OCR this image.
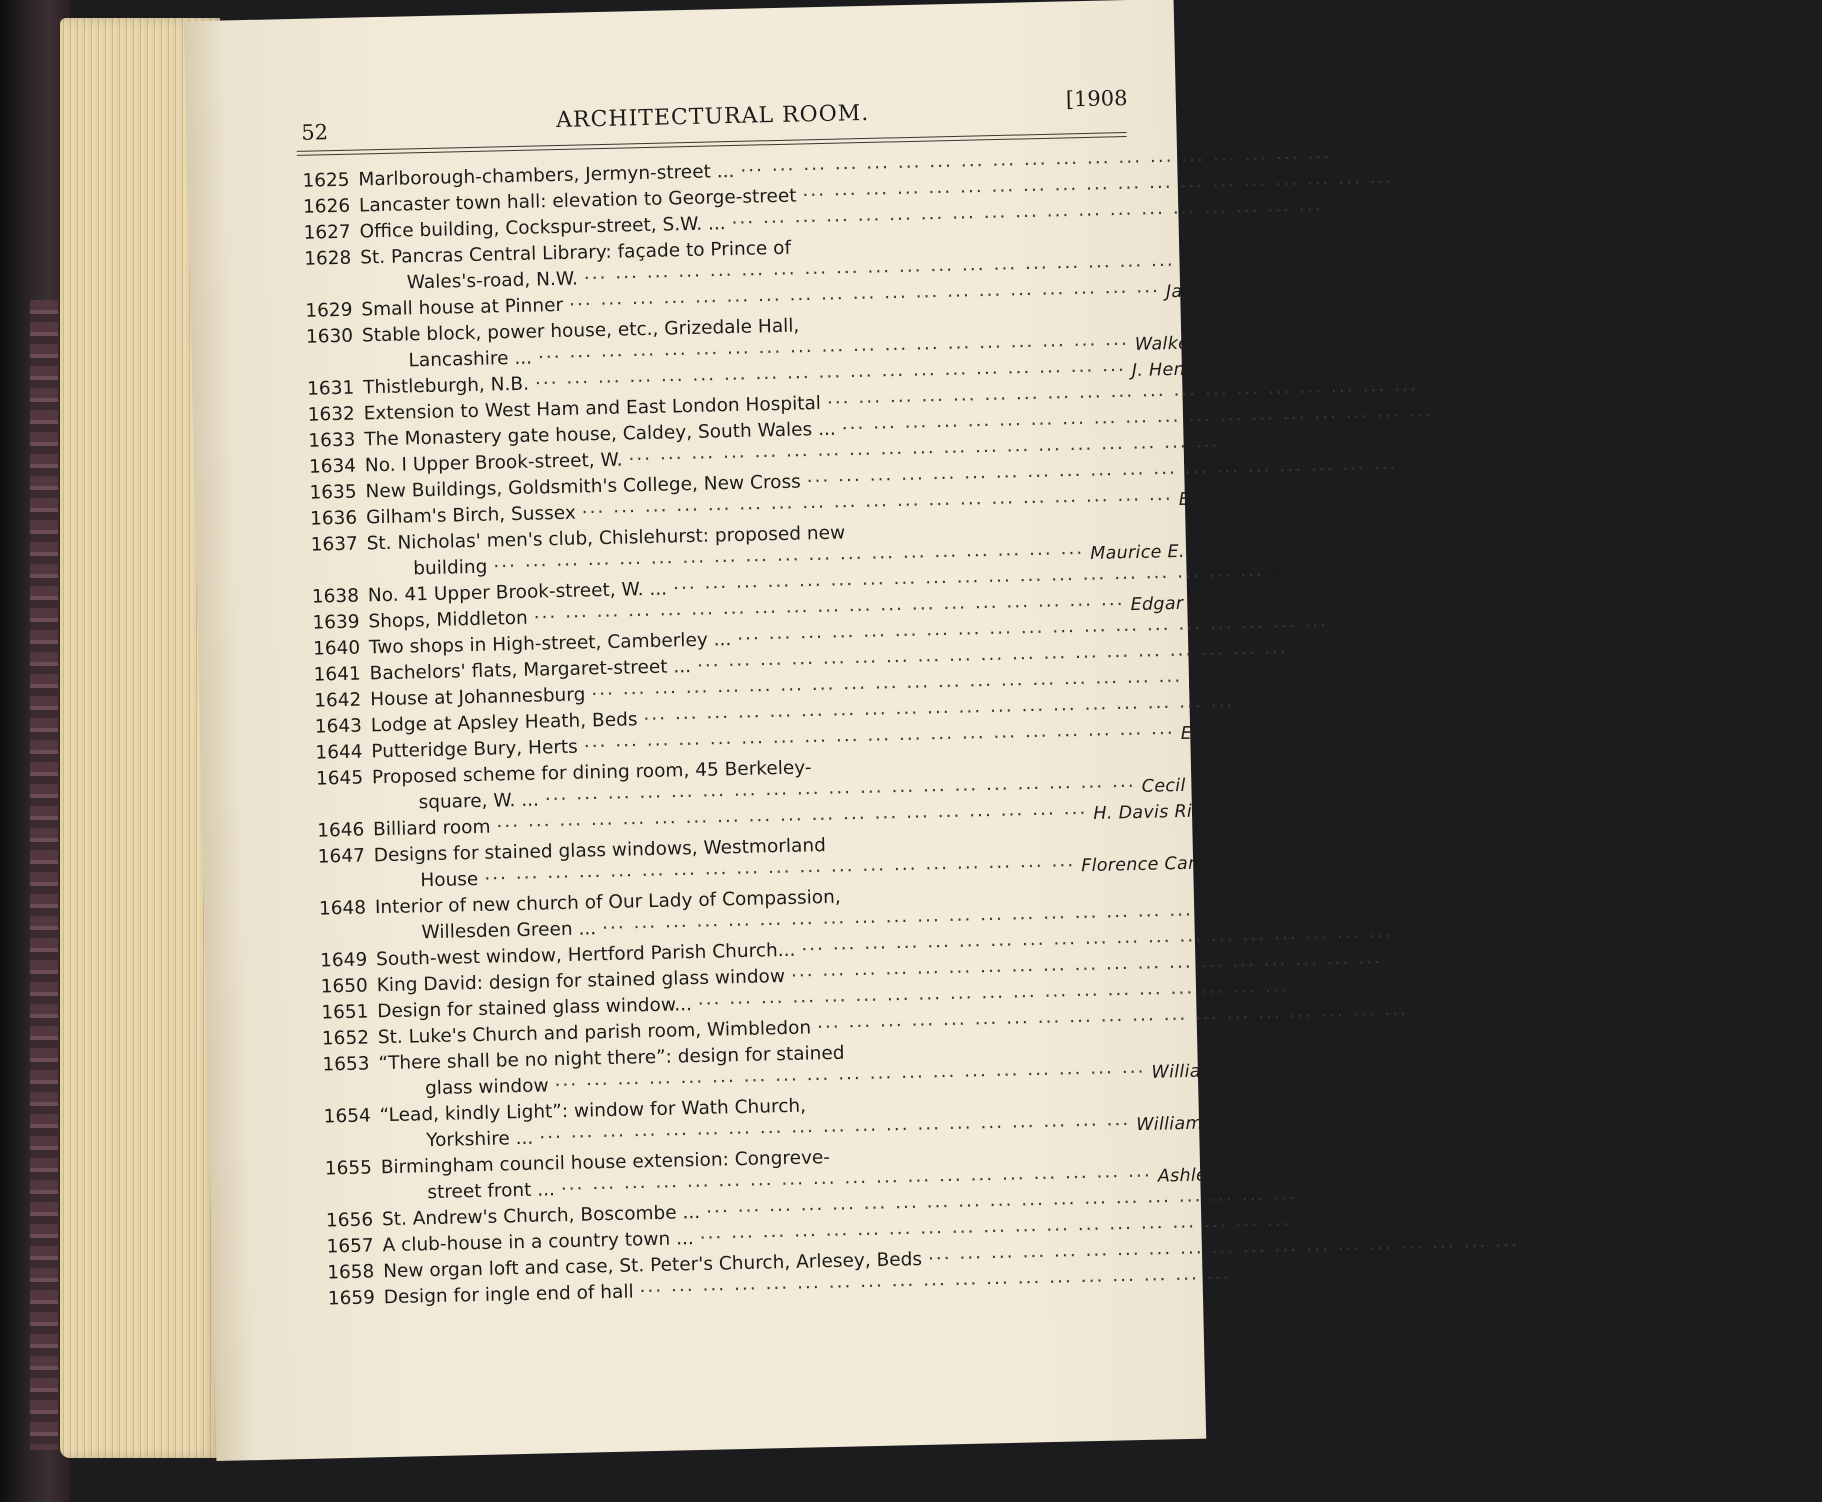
52	ARCHITECTURAL ROOM.
[1908
1625 Marlborough-chambers, Jermyn-street ...
··· ·
Reginald Morphew
1626 Lancaster town hall: elevation to George-street
··· ·
The late E. W. Mountford and F. D. Clapham
1627 Office building, Cockspur-street, S.W. ...
··· ·
Arthur T. Bolton
1628 St. Pancras Central Library: façade to Prince of
Wales's-road, N.W.
··· ·
Russell and Cooper
1629 Small house at Pinner
··· ·
James J. L. Naylor
1630 Stable block, power house, etc., Grizedale Hall,
Lancashire ...
··· ·
Walker, Carter, and Walker
1631 Thistleburgh, N.B.
··· ·
J. Henry Sellers
1632 Extension to West Ham and East London Hospital
··· ·
Adams and Holden
1633 The Monastery gate house, Caldey, South Wales ...
··· ·
J. Coates Carter
1634 No. I Upper Brook-street, W.
··· ·
Wimperis and Best
1635 New Buildings, Goldsmith's College, New Cross
··· ·
Reginald Blomfield, A.
1636 Gilham's Birch, Sussex
··· ·
E. J. May
1637 St. Nicholas' men's club, Chislehurst: proposed new
building
··· ·
Maurice E. Webb
1638 No. 41 Upper Brook-street, W. ...
··· ·
R. Selden Wornum
1639 Shops, Middleton
··· ·
Edgar Wood
1640 Two shops in High-street, Camberley ...
··· ·
H. R. and B. A. Poulter
1641 Bachelors' flats, Margaret-street ...
··· ·
Simpson and Ayrton
1642 House at Johannesburg
··· ·
Baker and Masey
1643 Lodge at Apsley Heath, Beds
··· ·
Adams and Holden
1644 Putteridge Bury, Herts
··· ·
Ernest George and Yeates
1645 Proposed scheme for dining room, 45 Berkeley-
square, W. ...
··· ·
Cecil G. Hare
1646 Billiard room
··· ·
H. Davis Richter
1647 Designs for stained glass windows, Westmorland
House
··· ·
Florence Camm
1648 Interior of new church of Our Lady of Compassion,
Willesden Green ...
··· ·
William J. Delvin
1649 South-west window, Hertford Parish Church...
··· ·
Shrigley and Hunt
1650 King David: design for stained glass window
··· ·
George Parlby
1651 Design for stained glass window...
··· ·
Alexander Gascoyne
1652 St. Luke's Church and parish room, Wimbledon
··· ·
T. G. Jackson, R.A.
1653 “There shall be no night there”: design for stained
glass window
··· ·
William Glasby
1654 “Lead, kindly Light”: window for Wath Church,
Yorkshire ...
··· ·
William Glasby
1655 Birmingham council house extension: Congreve-
street front ...
··· ·
Ashley and Newman
1656 St. Andrew's Church, Boscombe ...
··· ·
J. O. Scott, Son, and Miles
1657 A club-house in a country town ...
··· ·
Leslie Mansfield
1658 New organ loft and case, St. Peter's Church, Arlesey, Beds
··· ·
T. Geoffry Lucas
1659 Design for ingle end of hall
··· ·
Percival T. Hildesley
